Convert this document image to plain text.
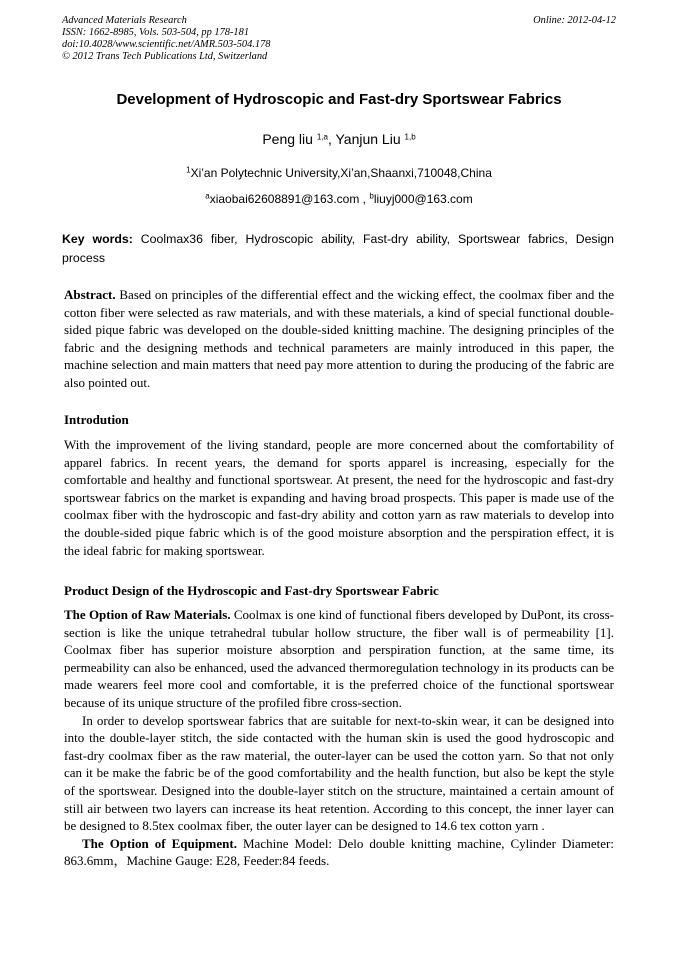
Advanced Materials Research
ISSN: 1662-8985, Vols. 503-504, pp 178-181
doi:10.4028/www.scientific.net/AMR.503-504.178
© 2012 Trans Tech Publications Ltd, Switzerland
Online: 2012-04-12
Development of Hydroscopic and Fast-dry Sportswear Fabrics
Peng liu $^{1,a}$, Yanjun Liu $^{1,b}$
$^1$Xi’an Polytechnic University,Xi’an,Shaanxi,710048,China
$^a$xiaobai62608891@163.com , $^b$liuyj000@163.com
Key words: Coolmax36 fiber, Hydroscopic ability, Fast-dry ability, Sportswear fabrics, Design process

Abstract. Based on principles of the differential effect and the wicking effect, the coolmax fiber and the cotton fiber were selected as raw materials, and with these materials, a kind of special functional double-sided pique fabric was developed on the double-sided knitting machine. The designing principles of the fabric and the designing methods and technical parameters are mainly introduced in this paper, the machine selection and main matters that need pay more attention to during the producing of the fabric are also pointed out.

Introdution

With the improvement of the living standard, people are more concerned about the comfortability of apparel fabrics. In recent years, the demand for sports apparel is increasing, especially for the comfortable and healthy and functional sportswear. At present, the need for the hydroscopic and fast-dry sportswear fabrics on the market is expanding and having broad prospects. This paper is made use of the coolmax fiber with the hydroscopic and fast-dry ability and cotton yarn as raw materials to develop into the double-sided pique fabric which is of the good moisture absorption and the perspiration effect, it is the ideal fabric for making sportswear.

Product Design of the Hydroscopic and Fast-dry Sportswear Fabric

The Option of Raw Materials. Coolmax is one kind of functional fibers developed by DuPont, its cross-section is like the unique tetrahedral tubular hollow structure, the fiber wall is of permeability [1]. Coolmax fiber has superior moisture absorption and perspiration function, at the same time, its permeability can also be enhanced, used the advanced thermoregulation technology in its products can be made wearers feel more cool and comfortable, it is the preferred choice of the functional sportswear because of its unique structure of the profiled fibre cross-section.

In order to develop sportswear fabrics that are suitable for next-to-skin wear, it can be designed into into the double-layer stitch, the side contacted with the human skin is used the good hydroscopic and fast-dry coolmax fiber as the raw material, the outer-layer can be used the cotton yarn. So that not only can it be make the fabric be of the good comfortability and the health function, but also be kept the style of the sportswear. Designed into the double-layer stitch on the structure, maintained a certain amount of still air between two layers can increase its heat retention. According to this concept, the inner layer can be designed to 8.5tex coolmax fiber, the outer layer can be designed to 14.6 tex cotton yarn .

The Option of Equipment. Machine Model: Delo double knitting machine, Cylinder Diameter: 863.6mm，Machine Gauge: E28, Feeder:84 feeds.
